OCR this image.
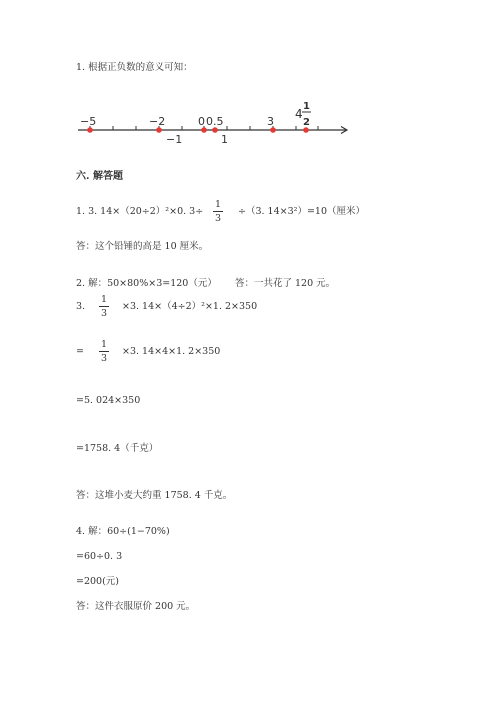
1. 根据正负数的意义可知：
−5	−2	0 0.5	3
−1	1
4
1
2
六. 解答题
1. 3. 14×（20÷2）²×0. 3÷
1
3
÷（3. 14×3²）=10（厘米）
答：这个铅锤的高是 10 厘米。
2. 解：50×80%×3=120（元）      答：一共花了 120 元。
3.
1
3
×3. 14×（4÷2）²×1. 2×350
=
1
3
×3. 14×4×1. 2×350
=5. 024×350
=1758. 4（千克）
答：这堆小麦大约重 1758. 4 千克。
4. 解：60÷(1−70%)
=60÷0. 3
=200(元)
答：这件衣服原价 200 元。
